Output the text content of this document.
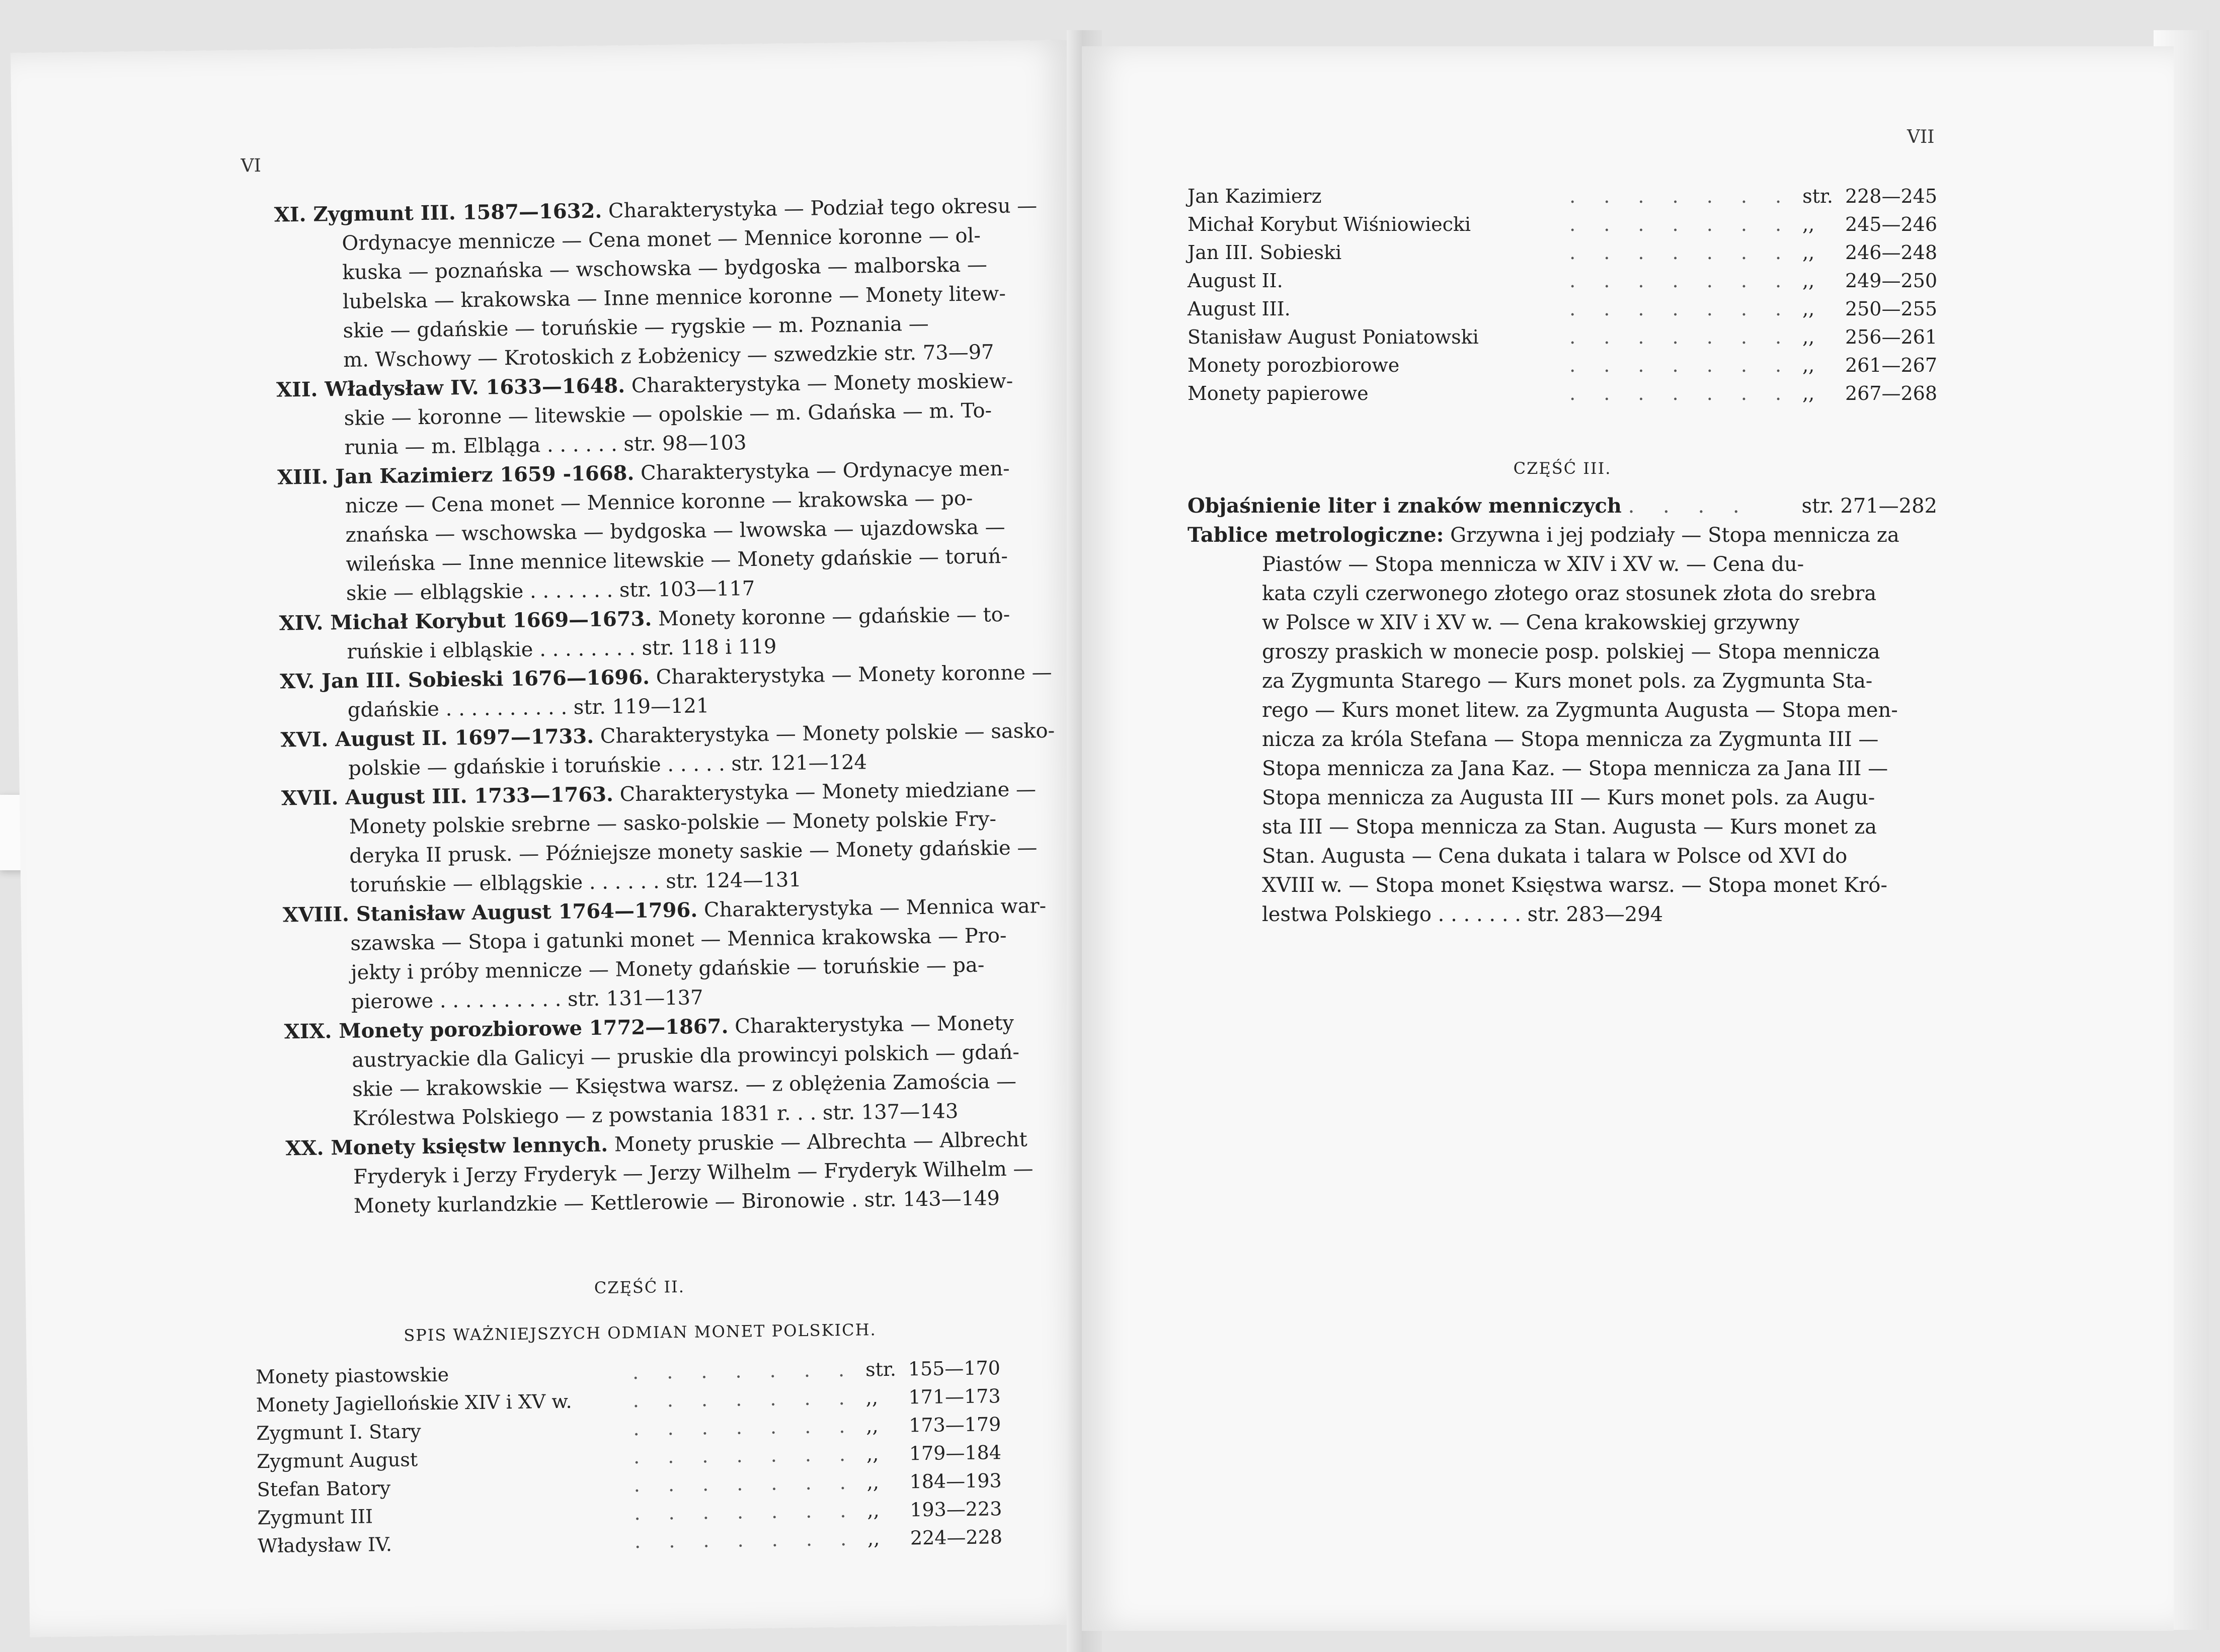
VI
XI. Zygmunt III. 1587—1632. Charakterystyka — Podział tego okresu —
Ordynacye mennicze — Cena monet — Mennice koronne — ol-
kuska — poznańska — wschowska — bydgoska — malborska —
lubelska — krakowska — Inne mennice koronne — Monety litew-
skie — gdańskie — toruńskie — rygskie — m. Poznania —
m. Wschowy — Krotoskich z Łobżenicy — szwedzkie str. 73—97
XII. Władysław IV. 1633—1648. Charakterystyka — Monety moskiew-
skie — koronne — litewskie — opolskie — m. Gdańska — m. To-
runia — m. Elbląga . . . . . . str. 98—103
XIII. Jan Kazimierz 1659 -1668. Charakterystyka — Ordynacye men-
nicze — Cena monet — Mennice koronne — krakowska — po-
znańska — wschowska — bydgoska — lwowska — ujazdowska —
wileńska — Inne mennice litewskie — Monety gdańskie — toruń-
skie — elblągskie . . . . . . . str. 103—117
XIV. Michał Korybut 1669—1673. Monety koronne — gdańskie — to-
ruńskie i elbląskie . . . . . . . . str. 118 i 119
XV. Jan III. Sobieski 1676—1696. Charakterystyka — Monety koronne —
gdańskie . . . . . . . . . . str. 119—121
XVI. August II. 1697—1733. Charakterystyka — Monety polskie — sasko-
polskie — gdańskie i toruńskie . . . . . str. 121—124
XVII. August III. 1733—1763. Charakterystyka — Monety miedziane —
Monety polskie srebrne — sasko-polskie — Monety polskie Fry-
deryka II prusk. — Późniejsze monety saskie — Monety gdańskie —
toruńskie — elblągskie . . . . . . str. 124—131
XVIII. Stanisław August 1764—1796. Charakterystyka — Mennica war-
szawska — Stopa i gatunki monet — Mennica krakowska — Pro-
jekty i próby mennicze — Monety gdańskie — toruńskie — pa-
pierowe . . . . . . . . . . str. 131—137
XIX. Monety porozbiorowe 1772—1867. Charakterystyka — Monety
austryackie dla Galicyi — pruskie dla prowincyi polskich — gdań-
skie — krakowskie — Księstwa warsz. — z oblężenia Zamościa —
Królestwa Polskiego — z powstania 1831 r. . . str. 137—143
XX. Monety księstw lennych. Monety pruskie — Albrechta — Albrecht
Fryderyk i Jerzy Fryderyk — Jerzy Wilhelm — Fryderyk Wilhelm —
Monety kurlandzkie — Kettlerowie — Bironowie . str. 143—149
CZĘŚĆ II.
SPIS WAŻNIEJSZYCH ODMIAN MONET POLSKICH.
Monety piastowskie	. . . . . . .	str.	155—170
Monety Jagiellońskie XIV i XV w.	. . . . . . .	,,	171—173
Zygmunt I. Stary	. . . . . . .	,,	173—179
Zygmunt August	. . . . . . .	,,	179—184
Stefan Batory	. . . . . . .	,,	184—193
Zygmunt III	. . . . . . .	,,	193—223
Władysław IV.	. . . . . . .	,,	224—228
VII
Jan Kazimierz	. . . . . . .	str.	228—245
Michał Korybut Wiśniowiecki	. . . . . . .	,,	245—246
Jan III. Sobieski	. . . . . . .	,,	246—248
August II.	. . . . . . .	,,	249—250
August III.	. . . . . . .	,,	250—255
Stanisław August Poniatowski	. . . . . . .	,,	256—261
Monety porozbiorowe	. . . . . . .	,,	261—267
Monety papierowe	. . . . . . .	,,	267—268
CZĘŚĆ III.
Objaśnienie liter i znaków menniczych . . . .	str. 271—282
Tablice metrologiczne: Grzywna i jej podziały — Stopa mennicza za
Piastów — Stopa mennicza w XIV i XV w. — Cena du-
kata czyli czerwonego złotego oraz stosunek złota do srebra
w Polsce w XIV i XV w. — Cena krakowskiej grzywny
groszy praskich w monecie posp. polskiej — Stopa mennicza
za Zygmunta Starego — Kurs monet pols. za Zygmunta Sta-
rego — Kurs monet litew. za Zygmunta Augusta — Stopa men-
nicza za króla Stefana — Stopa mennicza za Zygmunta III —
Stopa mennicza za Jana Kaz. — Stopa mennicza za Jana III —
Stopa mennicza za Augusta III — Kurs monet pols. za Augu-
sta III — Stopa mennicza za Stan. Augusta — Kurs monet za
Stan. Augusta — Cena dukata i talara w Polsce od XVI do
XVIII w. — Stopa monet Księstwa warsz. — Stopa monet Kró-
lestwa Polskiego . . . . . . . str. 283—294
